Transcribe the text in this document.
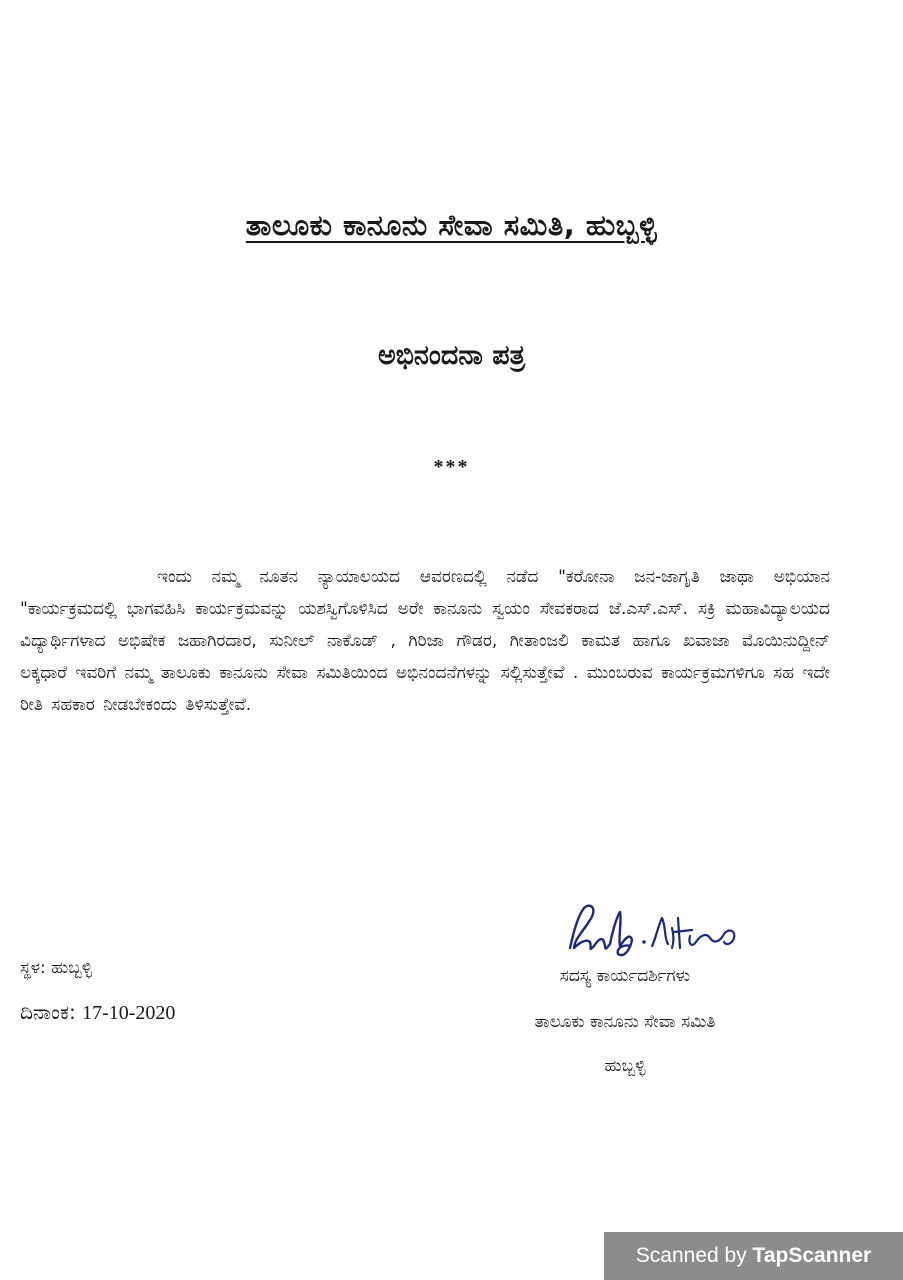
ತಾಲೂಕು ಕಾನೂನು ಸೇವಾ ಸಮಿತಿ, ಹುಬ್ಬಳ್ಳಿ
ಅಭಿನಂದನಾ ಪತ್ರ
***

ಇಂದು ನಮ್ಮ ನೂತನ ನ್ಯಾಯಾಲಯದ ಆವರಣದಲ್ಲಿ ನಡೆದ "ಕರೋನಾ ಜನ-ಜಾಗೃತಿ ಜಾಥಾ ಅಭಿಯಾನ "ಕಾರ್ಯಕ್ರಮದಲ್ಲಿ ಭಾಗವಹಿಸಿ ಕಾರ್ಯಕ್ರಮವನ್ನು ಯಶಸ್ವಿಗೊಳಿಸಿದ ಅರೇ ಕಾನೂನು ಸ್ವಯಂ ಸೇವಕರಾದ ಜೆ.ಎಸ್.ಎಸ್. ಸಕ್ರಿ ಮಹಾವಿದ್ಯಾಲಯದ ವಿದ್ಯಾರ್ಥಿಗಳಾದ ಅಭಿಷೇಕ ಜಹಾಗಿರದಾರ, ಸುನೀಲ್ ನಾಕೊಡ್ , ಗಿರಿಜಾ ಗೌಡರ, ಗೀತಾಂಜಲಿ ಕಾಮತ ಹಾಗೂ ಖವಾಜಾ ಮೊಯಿನುದ್ದೀನ್ ಲಕ್ಕಧಾರೆ ಇವರಿಗೆ ನಮ್ಮ ತಾಲೂಕು ಕಾನೂನು ಸೇವಾ ಸಮಿತಿಯಿಂದ ಅಭಿನಂದನೆಗಳನ್ನು ಸಲ್ಲಿಸುತ್ತೇವೆ . ಮುಂಬರುವ ಕಾರ್ಯಕ್ರಮಗಳಿಗೂ ಸಹ ಇದೇ ರೀತಿ ಸಹಕಾರ ನೀಡಬೇಕಂದು ತಿಳಿಸುತ್ತೇವೆ.

ಸ್ಥಳ: ಹುಬ್ಬಳ್ಳಿ

ದಿನಾಂಕ: 17-10-2020

ಸದಸ್ಯ ಕಾರ್ಯದರ್ಶಿಗಳು

ತಾಲೂಕು ಕಾನೂನು ಸೇವಾ ಸಮಿತಿ

ಹುಬ್ಬಳ್ಳಿ

Scanned by TapScanner
